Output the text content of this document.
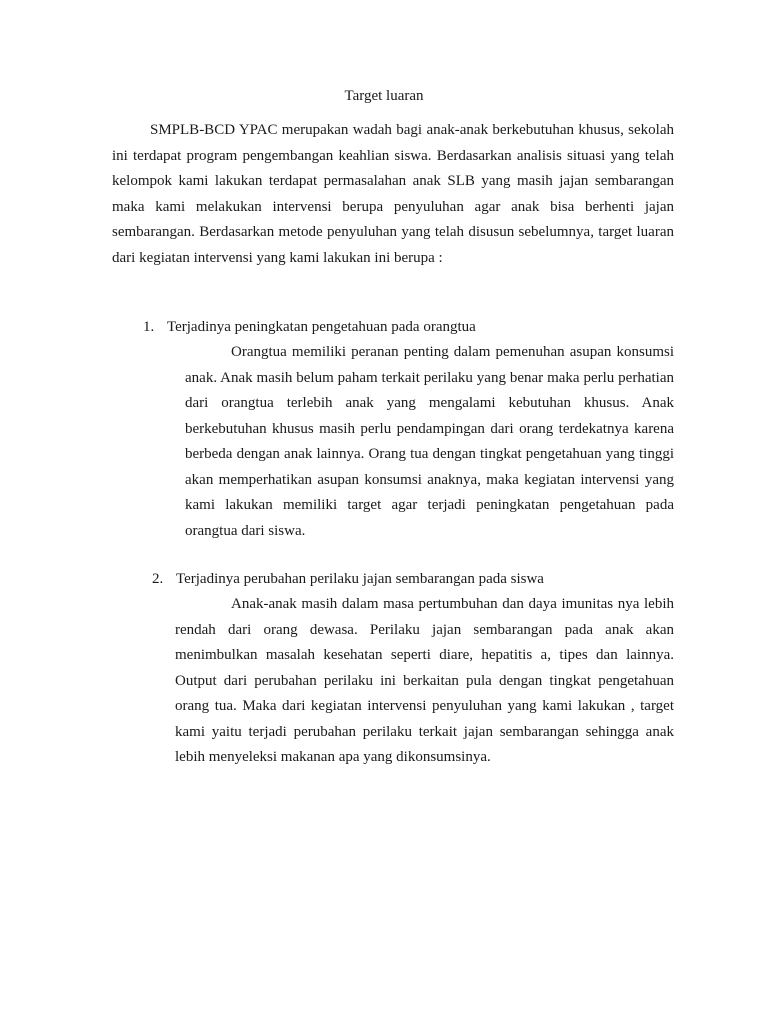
Target luaran

SMPLB-BCD YPAC merupakan wadah bagi anak-anak berkebutuhan khusus, sekolah ini terdapat program pengembangan keahlian siswa. Berdasarkan analisis situasi yang telah kelompok kami lakukan terdapat permasalahan anak SLB yang masih jajan sembarangan maka kami melakukan intervensi berupa penyuluhan agar anak bisa berhenti jajan sembarangan. Berdasarkan metode penyuluhan yang telah disusun sebelumnya, target luaran dari kegiatan intervensi yang kami lakukan ini berupa :

1. Terjadinya peningkatan pengetahuan pada orangtua

Orangtua memiliki peranan penting dalam pemenuhan asupan konsumsi anak. Anak masih belum paham terkait perilaku yang benar maka perlu perhatian dari orangtua terlebih anak yang mengalami kebutuhan khusus. Anak berkebutuhan khusus masih perlu pendampingan dari orang terdekatnya karena berbeda dengan anak lainnya. Orang tua dengan tingkat pengetahuan yang tinggi akan memperhatikan asupan konsumsi anaknya, maka kegiatan intervensi yang kami lakukan memiliki target agar terjadi peningkatan pengetahuan pada orangtua dari siswa.

2. Terjadinya perubahan perilaku jajan sembarangan pada siswa

Anak-anak masih dalam masa pertumbuhan dan daya imunitas nya lebih rendah dari orang dewasa. Perilaku jajan sembarangan pada anak akan menimbulkan masalah kesehatan seperti diare, hepatitis a, tipes dan lainnya. Output dari perubahan perilaku ini berkaitan pula dengan tingkat pengetahuan orang tua. Maka dari kegiatan intervensi penyuluhan yang kami lakukan , target kami yaitu terjadi perubahan perilaku terkait jajan sembarangan sehingga anak lebih menyeleksi makanan apa yang dikonsumsinya.
